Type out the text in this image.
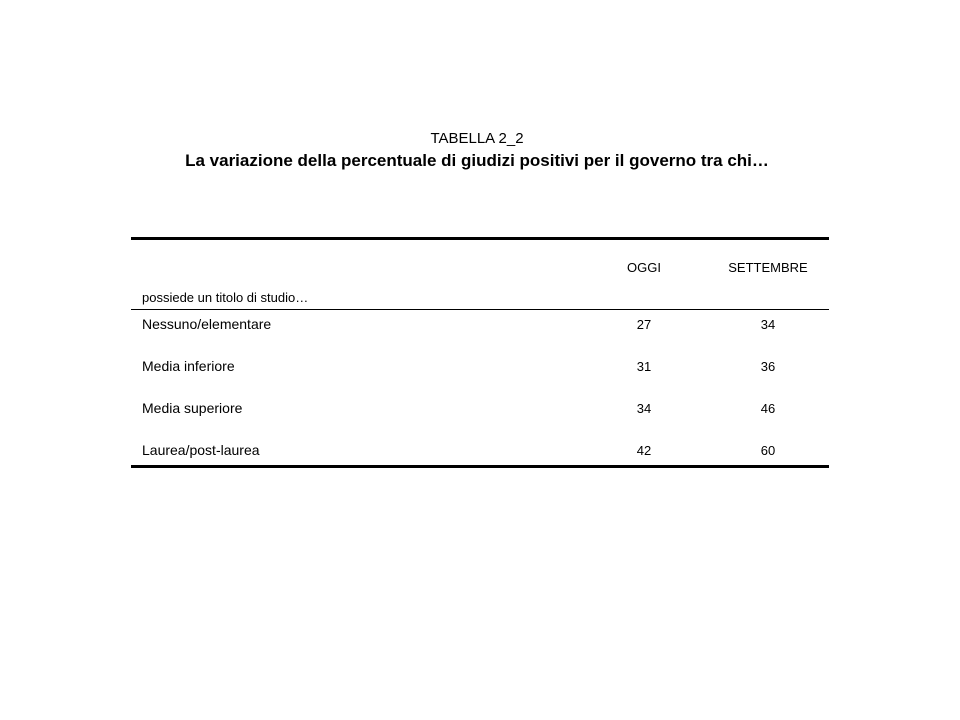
TABELLA 2_2
La variazione della percentuale di giudizi positivi per il governo tra chi…
possiede un titolo di studio…	OGGI	SETTEMBRE
Nessuno/elementare	27	34
Media inferiore	31	36
Media superiore	34	46
Laurea/post-laurea	42	60
